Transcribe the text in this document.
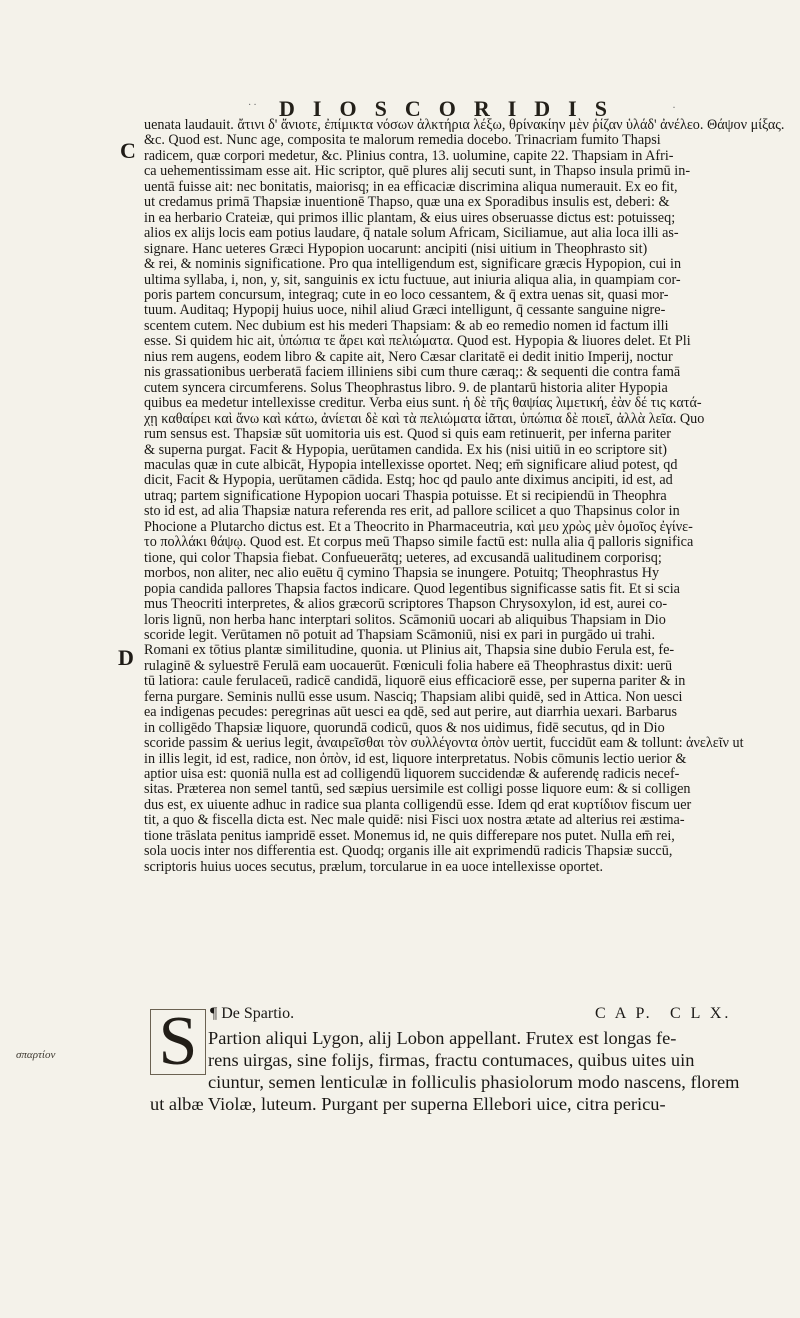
·· DIOSCORIDIS	·
C
D
σπαρτίον
uenata laudauit. ἄτινι δ' ἄνιοτε, ἐπίμικτα νόσων ἀλκτήρια λέξω, θρίνακίην μὲν ῥίζαν ὑλάδ' ἀνέλεο. Θάψον μίξας.
&c. Quod est. Nunc age, composita te malorum remedia docebo. Trinacriam fumito Thapsi
radicem, quæ corpori medetur, &c. Plinius contra, 13. uolumine, capite 22. Thapsiam in Afri-
ca uehementissimam esse ait. Hic scriptor, quē plures alij secuti sunt, in Thapso insula primū in-
uentā fuisse ait: nec bonitatis, maiorisq; in ea efficaciæ discrimina aliqua numerauit. Ex eo fit,
ut credamus primā Thapsiæ inuentionē Thapso, quæ una ex Sporadibus insulis est, deberi: &
in ea herbario Crateiæ, qui primos illic plantam, & eius uires obseruasse dictus est: potuisseq;
alios ex alijs locis eam potius laudare, q̄ natale solum Africam, Siciliamue, aut alia loca illi as-
signare. Hanc ueteres Græci Hypopion uocarunt: ancipiti (nisi uitium in Theophrasto sit)
& rei, & nominis significatione. Pro qua intelligendum est, significare græcis Hypopion, cui in
ultima syllaba, i, non, y, sit, sanguinis ex ictu fuctuue, aut iniuria aliqua alia, in quampiam cor-
poris partem concursum, integraq; cute in eo loco cessantem, & q̄ extra uenas sit, quasi mor-
tuum. Auditaq; Hypopij huius uoce, nihil aliud Græci intelligunt, q̄ cessante sanguine nigre-
scentem cutem. Nec dubium est his mederi Thapsiam: & ab eo remedio nomen id factum illi
esse. Si quidem hic ait, ὑπώπια τε ἄρει καὶ πελιώματα. Quod est. Hypopia & liuores delet. Et Pli
nius rem augens, eodem libro & capite ait, Nero Cæsar claritatē ei dedit initio Imperij, noctur
nis grassationibus uerberatā faciem illiniens sibi cum thure cæraq;: & sequenti die contra famā
cutem syncera circumferens. Solus Theophrastus libro. 9. de plantarū historia aliter Hypopia
quibus ea medetur intellexisse creditur. Verba eius sunt. ἡ δὲ τῆς θαψίας λιμετική, ἐὰν δέ τις κατά-
χῃ καθαίρει καὶ ἄνω καὶ κάτω, ἀνίεται δὲ καὶ τὰ πελιώματα ἰᾶται, ὑπώπια δὲ ποιεῖ, ἀλλὰ λεῖα. Quo
rum sensus est. Thapsiæ sūt uomitoria uis est. Quod si quis eam retinuerit, per inferna pariter
& superna purgat. Facit & Hypopia, uerūtamen candida. Ex his (nisi uitiū in eo scriptore sit)
maculas quæ in cute albicāt, Hypopia intellexisse oportet. Neq; em̄ significare aliud potest, qd
dicit, Facit & Hypopia, uerūtamen cādida. Estq; hoc qd paulo ante diximus ancipiti, id est, ad
utraq; partem significatione Hypopion uocari Thaspia potuisse. Et si recipiendū in Theophra
sto id est, ad alia Thapsiæ natura referenda res erit, ad pallore scilicet a quo Thapsinus color in
Phocione a Plutarcho dictus est. Et a Theocrito in Pharmaceutria, καὶ μευ χρὼς μὲν ὁμοῖος ἐγίνε-
το πολλάκι θάψῳ. Quod est. Et corpus meū Thapso simile factū est: nulla alia q̄ palloris significa
tione, qui color Thapsia fiebat. Confueuerātq; ueteres, ad excusandā ualitudinem corporisq;
morbos, non aliter, nec alio euētu q̄ cymino Thapsia se inungere. Potuitq; Theophrastus Hy
popia candida pallores Thapsia factos indicare. Quod legentibus significasse satis fit. Et si scia
mus Theocriti interpretes, & alios græcorū scriptores Thapson Chrysoxylon, id est, aurei co-
loris lignū, non herba hanc interptari solitos. Scāmoniū uocari ab aliquibus Thapsiam in Dio
scoride legit. Verūtamen nō potuit ad Thapsiam Scāmoniū, nisi ex pari in purgādo ui trahi.
Romani ex tōtius plantæ similitudine, quonia. ut Plinius ait, Thapsia sine dubio Ferula est, fe-
rulaginē & syluestrē Ferulā eam uocauerūt. Fœniculi folia habere eā Theophrastus dixit: uerū
tū latiora: caule ferulaceū, radicē candidā, liquorē eius efficaciorē esse, per superna pariter & in
ferna purgare. Seminis nullū esse usum. Nasciq; Thapsiam alibi quidē, sed in Attica. Non uesci
ea indigenas pecudes: peregrinas aūt uesci ea qdē, sed aut perire, aut diarrhia uexari. Barbarus
in colligēdo Thapsiæ liquore, quorundā codicū, quos & nos uidimus, fidē secutus, qd in Dio
scoride passim & uerius legit, ἀναιρεῖσθαι τὸν συλλέγοντα ὀπὸν uertit, fuccidūt eam & tollunt: ἀνελεῖν ut
in illis legit, id est, radice, non ὀπὸν, id est, liquore interpretatus. Nobis cōmunis lectio uerior &
aptior uisa est: quoniā nulla est ad colligendū liquorem succidendæ & auferendę radicis necef-
sitas. Præterea non semel tantū, sed sæpius uersimile est colligi posse liquore eum: & si colligen
dus est, ex uiuente adhuc in radice sua planta colligendū esse. Idem qd erat κυρτίδιον fiscum uer
tit, a quo & fiscella dicta est. Nec male quidē: nisi Fisci uox nostra ætate ad alterius rei æstima-
tione trāslata penitus iampridē esset. Monemus id, ne quis differepare nos putet. Nulla em̄ rei,
sola uocis inter nos differentia est. Quodq; organis ille ait exprimendū radicis Thapsiæ succū,
scriptoris huius uoces secutus, prælum, torcularue in ea uoce intellexisse oportet.
S ¶ De Spartio.	C A P. C L X.
Partion aliqui Lygon, alij Lobon appellant. Frutex est longas fe-
rens uirgas, sine folijs, firmas, fractu contumaces, quibus uites uin
ciuntur, semen lenticulæ in folliculis phasiolorum modo nascens, florem
ut albæ Violæ, luteum. Purgant per superna Ellebori uice, citra pericu-
